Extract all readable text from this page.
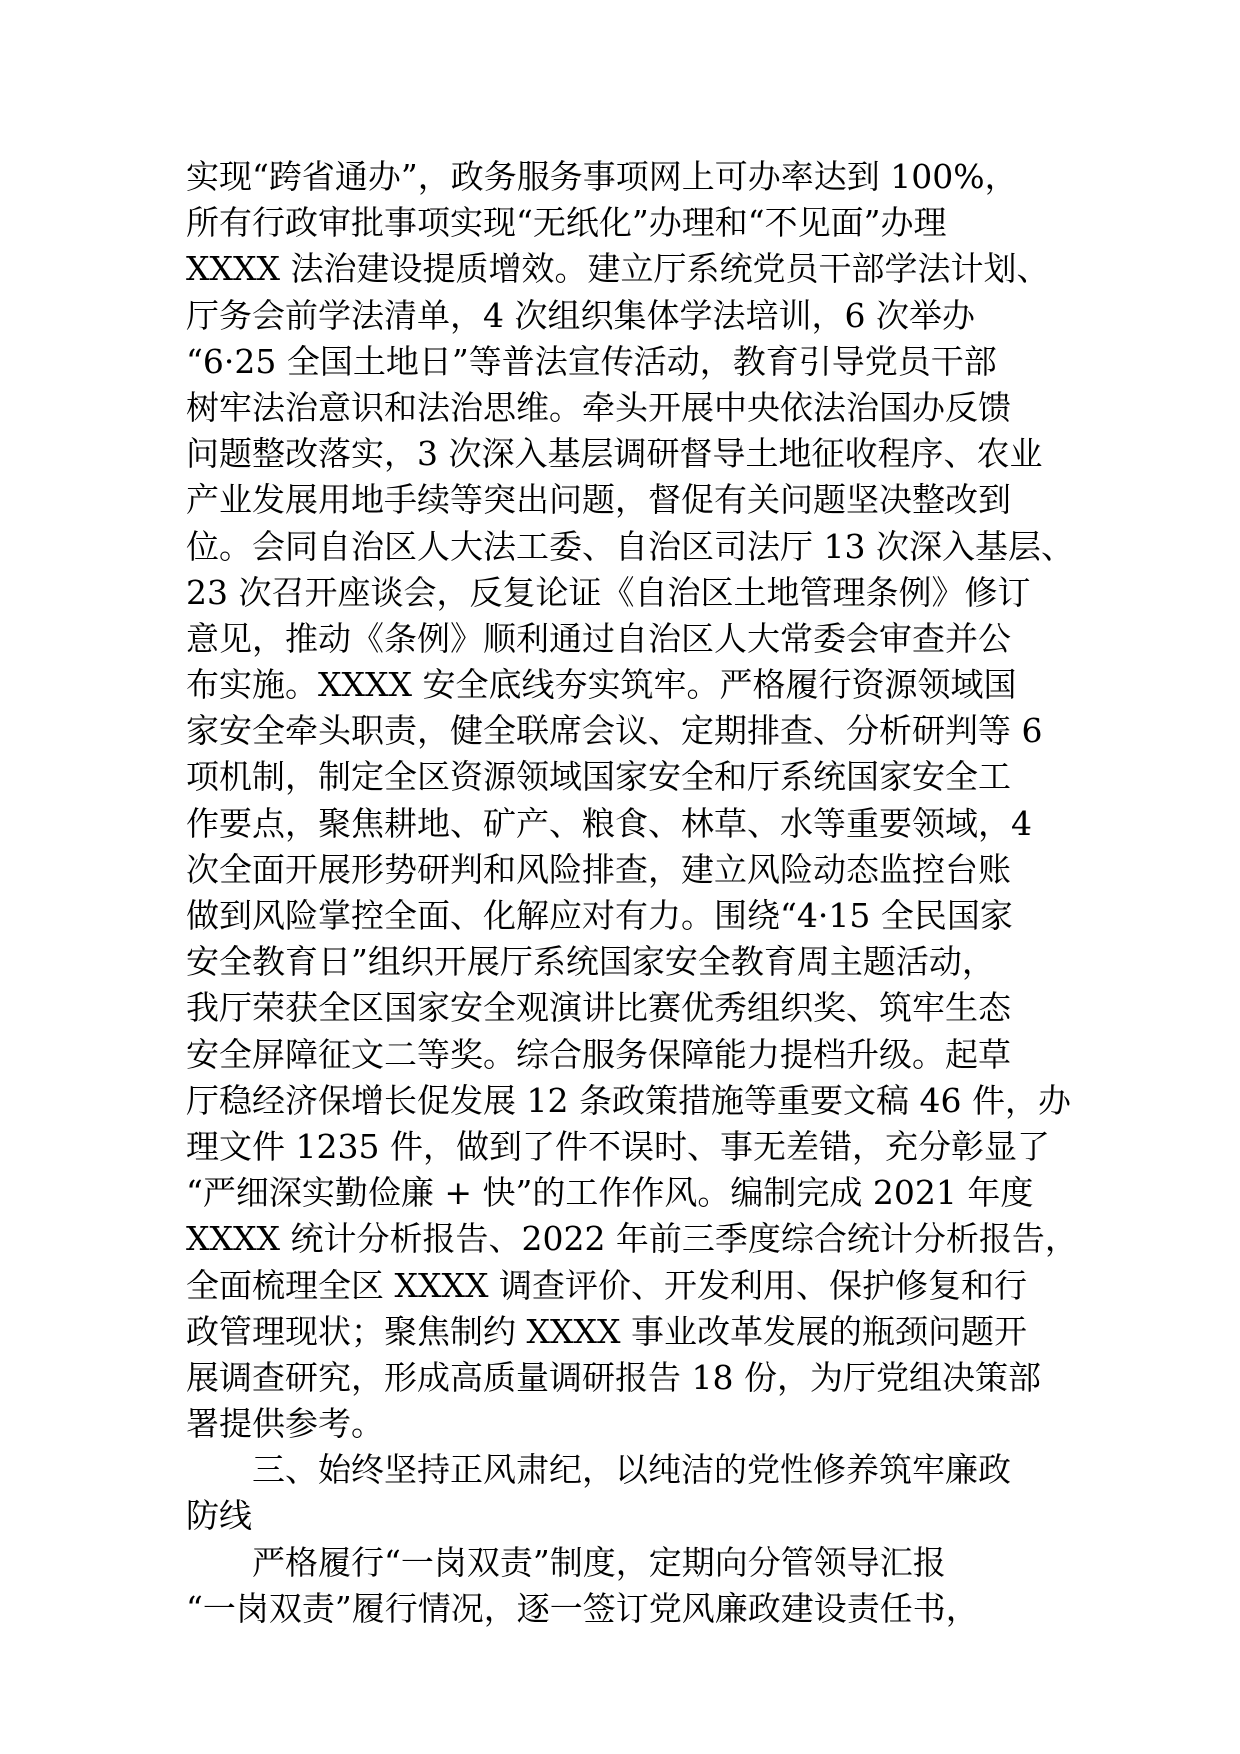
实现“跨省通办”，政务服务事项网上可办率达到 100%，
所有行政审批事项实现“无纸化”办理和“不见面”办理
XXXX 法治建设提质增效。建立厅系统党员干部学法计划、
厅务会前学法清单，4 次组织集体学法培训，6 次举办
“6·25 全国土地日”等普法宣传活动，教育引导党员干部
树牢法治意识和法治思维。牵头开展中央依法治国办反馈
问题整改落实，3 次深入基层调研督导土地征收程序、农业
产业发展用地手续等突出问题，督促有关问题坚决整改到
位。会同自治区人大法工委、自治区司法厅 13 次深入基层、
23 次召开座谈会，反复论证《自治区土地管理条例》修订
意见，推动《条例》顺利通过自治区人大常委会审查并公
布实施。XXXX 安全底线夯实筑牢。严格履行资源领域国
家安全牵头职责，健全联席会议、定期排查、分析研判等 6
项机制，制定全区资源领域国家安全和厅系统国家安全工
作要点，聚焦耕地、矿产、粮食、林草、水等重要领域，4
次全面开展形势研判和风险排查，建立风险动态监控台账
做到风险掌控全面、化解应对有力。围绕“4·15 全民国家
安全教育日”组织开展厅系统国家安全教育周主题活动，
我厅荣获全区国家安全观演讲比赛优秀组织奖、筑牢生态
安全屏障征文二等奖。综合服务保障能力提档升级。起草
厅稳经济保增长促发展 12 条政策措施等重要文稿 46 件，办
理文件 1235 件，做到了件不误时、事无差错，充分彰显了
“严细深实勤俭廉 + 快”的工作作风。编制完成 2021 年度
XXXX 统计分析报告、2022 年前三季度综合统计分析报告，
全面梳理全区 XXXX 调查评价、开发利用、保护修复和行
政管理现状；聚焦制约 XXXX 事业改革发展的瓶颈问题开
展调查研究，形成高质量调研报告 18 份，为厅党组决策部
署提供参考。
三、始终坚持正风肃纪，以纯洁的党性修养筑牢廉政
防线
严格履行“一岗双责”制度，定期向分管领导汇报
“一岗双责”履行情况，逐一签订党风廉政建设责任书，
